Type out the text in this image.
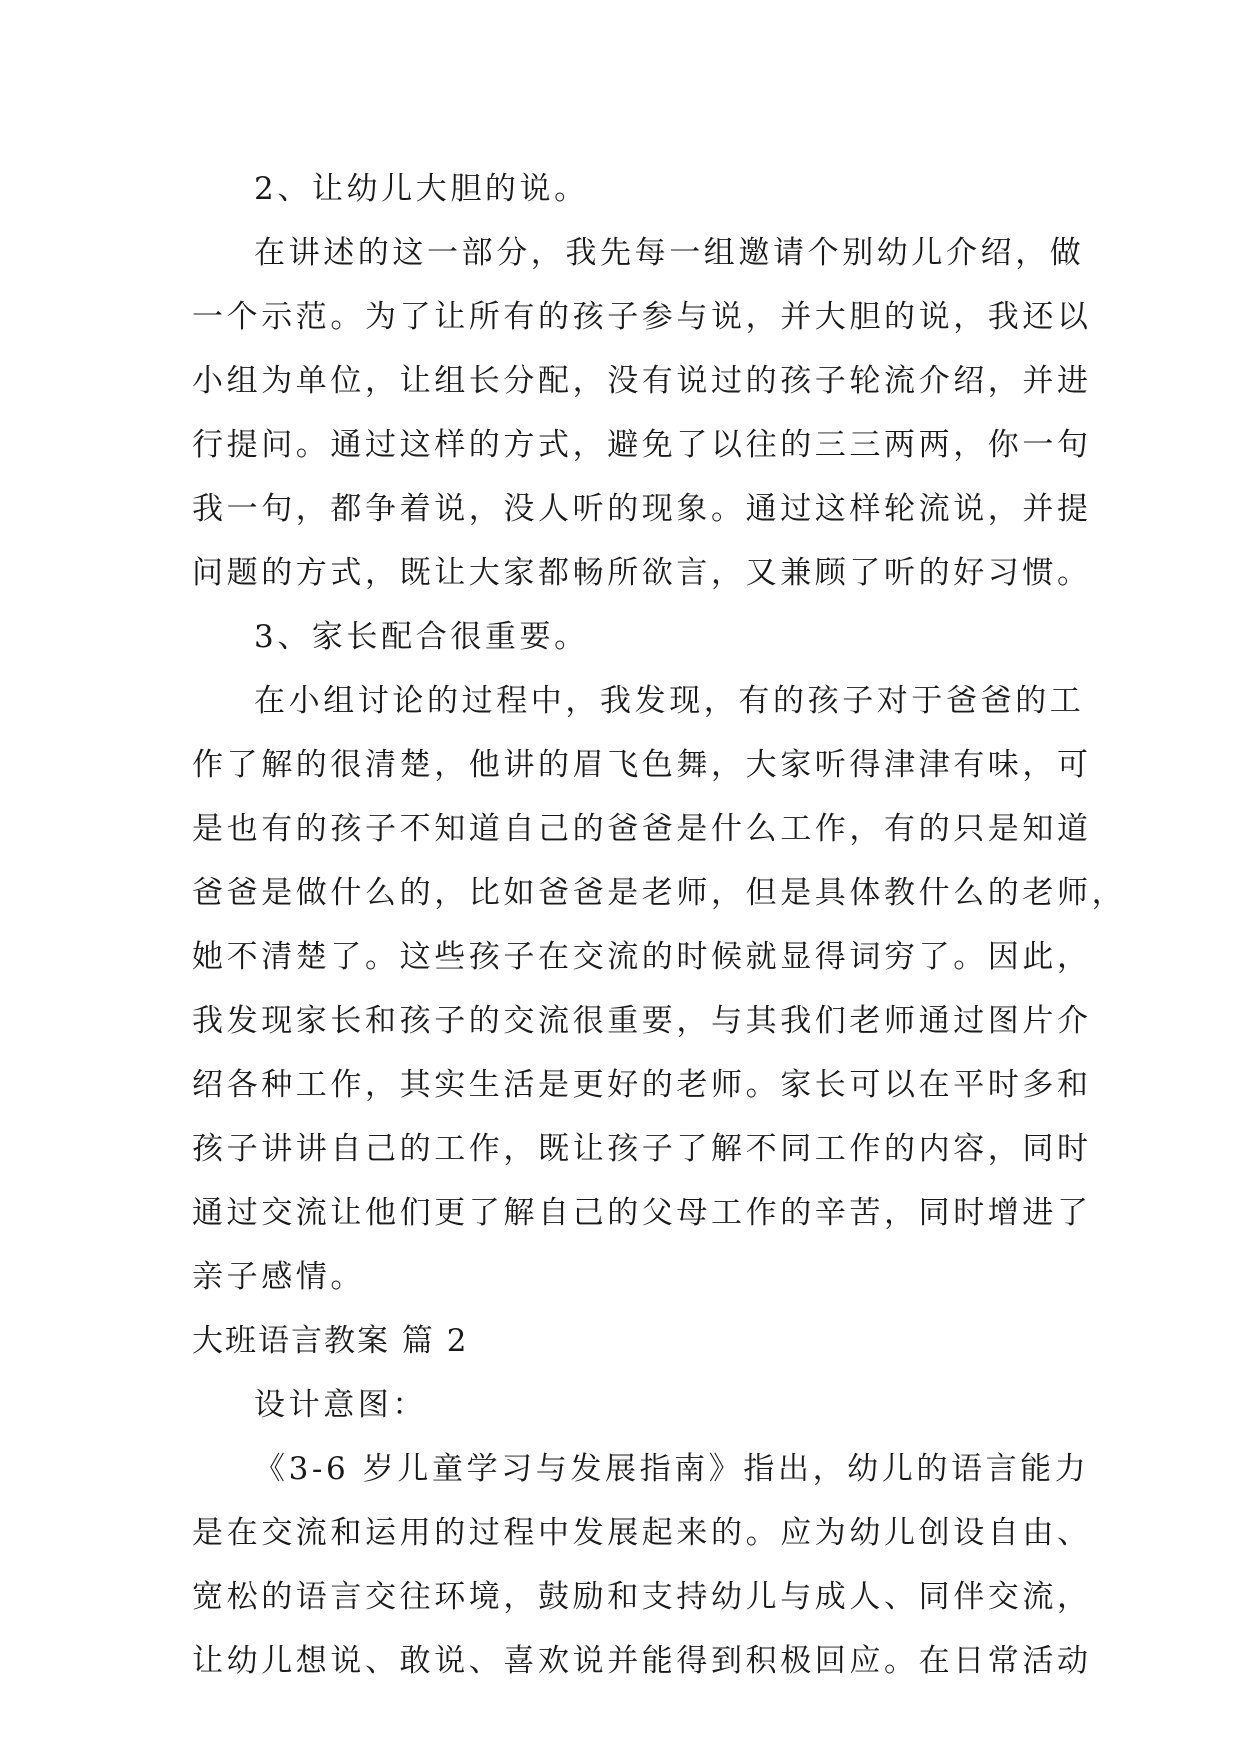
2、让幼儿大胆的说。
在讲述的这一部分，我先每一组邀请个别幼儿介绍，做
一个示范。为了让所有的孩子参与说，并大胆的说，我还以
小组为单位，让组长分配，没有说过的孩子轮流介绍，并进
行提问。通过这样的方式，避免了以往的三三两两，你一句
我一句，都争着说，没人听的现象。通过这样轮流说，并提
问题的方式，既让大家都畅所欲言，又兼顾了听的好习惯。
3、家长配合很重要。
在小组讨论的过程中，我发现，有的孩子对于爸爸的工
作了解的很清楚，他讲的眉飞色舞，大家听得津津有味，可
是也有的孩子不知道自己的爸爸是什么工作，有的只是知道
爸爸是做什么的，比如爸爸是老师，但是具体教什么的老师，
她不清楚了。这些孩子在交流的时候就显得词穷了。因此，
我发现家长和孩子的交流很重要，与其我们老师通过图片介
绍各种工作，其实生活是更好的老师。家长可以在平时多和
孩子讲讲自己的工作，既让孩子了解不同工作的内容，同时
通过交流让他们更了解自己的父母工作的辛苦，同时增进了
亲子感情。
大班语言教案 篇 2
设计意图：
《3-6 岁儿童学习与发展指南》指出，幼儿的语言能力
是在交流和运用的过程中发展起来的。应为幼儿创设自由、
宽松的语言交往环境，鼓励和支持幼儿与成人、同伴交流，
让幼儿想说、敢说、喜欢说并能得到积极回应。在日常活动
